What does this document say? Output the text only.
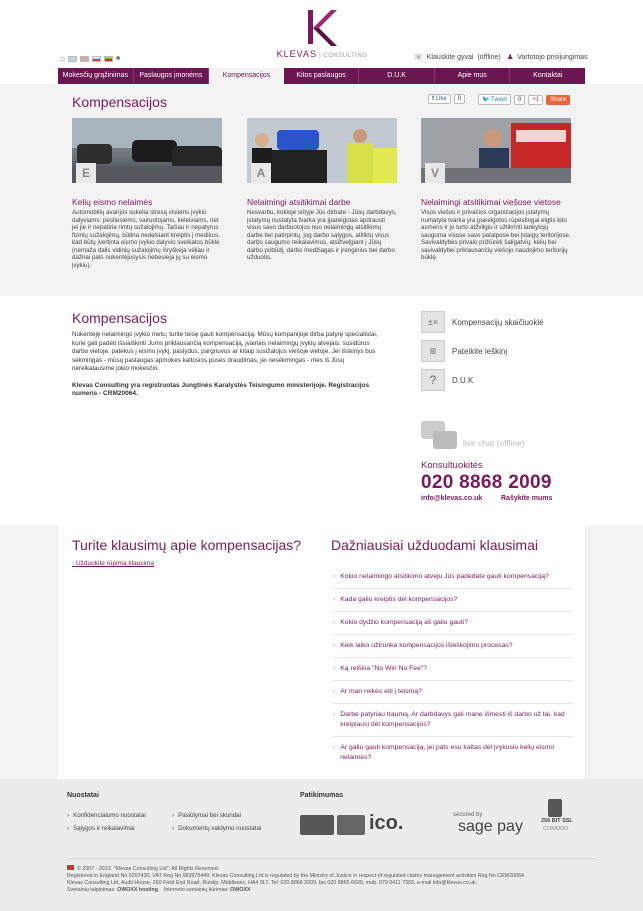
KLEVAS | CONSULTING
⌂	♣	☏ Klauskite gyvai (offline) ♟ Vartotojo prisijungimas
Mokesčių grąžinimas	Paslaugos įmonėms	Kompensacijos	Kitos paslaugos	D.U.K	Apie mus	Kontaktai
Kompensacijos	f Like	0	🐦 Tweet	0	+1	Share
E
Kelių eismo nelaimės

Automobilių avarijos sukelia stresą visiems įvykio dalyviams: pėstiesiems, vairuotojams, keleiviams, net jei jie ir nepatiria rimtų sužalojimų. Tačiau ir nepatyrus fizinių sužalojimų, būtina nedelsiant kreiptis į medikus, kad būtų įvertinta eismo įvykio dalyvio sveikatos būklė (nemaža dalis vidinių sužalojimų išryškėja vėliau ir dažnai pats nukentėjusysis nebesieja jų su eismo įvykiu).

A
Nelaimingi atsitikimai darbe

Nesvarbu, kokioje srityje Jūs dirbate - Jūsų darbdavys, įstatymų nustatyta tvarka yra įpareigotas apdrausti visus savo darbuotojus nuo nelaimingų atsitikimų darbe bei patirpintų, jog darbo sąlygos, atitiktų visus darbo saugumo reikalavimus, atsižvelgiant į Jūsų darbo pobūdį, darbo medžiagas ir įrenginius bei darbo užduotis.

V
Nelaimingi atsitikimai viešose vietose

Visos viešos ir privačios organizacijos įstatymų numatyta tvarka yra įpareigotos rūpestingai elgtis kito asmens ir jo turto atžvilgiu ir užtikrinti lankytojų sauguma visose savo patalpose bei įstaigų teritorijose. Savivaldybės privalo prižiūrėti šaligatvių, kelių bei savivaldybei priklausančių viešojo naudojimo teritorijų būklę.

Kompensacijos

Nukentėję nelaimingo įvykio metu, turite teisę gauti kompensaciją. Mūsų kompanijoje dirba patyrę specialistai, kurie gali padėti išsiaiškinti Jums priklausančią kompensaciją, įvairiais nelaimingų įvykių atvejais: susidūrus darbo vietoje, patekus į eismo įvykį, paslydus, pargriuvus ar kitaip susižalojus viešoje vietoje. Jei išskinys bus sėkmingas - mūsų paslaugas apmokės kaltosios pusės draudimas, jei nesėkmingas - mes iš Jūsų nereikalausime jokio mokesčio.

Klevas Consulting yra registruotas Jungtinės Karalystės Teisingumo ministerijoje. Registracijos numeris - CRM20064.

±×	Kompensacijų skaičiuoklė
≡	Pateikite ieškinį
?	D.U.K
live chat (offline)
Konsultuokitės
020 8868 2009
info@klevas.co.uk	Rašykite mums
Turite klausimų apie kompensacijas?
› Užduokite rūpimą klausimą
Dažniausiai užduodami klausimai
› Kokio nelaimingo atsitikimo atveju Jūs padedate gauti kompensaciją?
› Kada galiu kreiptis dėl kompensacijos?
› Kokio dydžio kompensaciją aš galiu gauti?
› Kiek laiko užtrunka kompensacijos išieškojimo procesas?
› Ką reiškia "No Win No Fee"?
› Ar man reikės eiti į teismą?
› Darbe patyriau traumą. Ar darbdavys gali mane išmesti iš darbo už tai, kad kreipiausi dėl kompensacijos?
› Ar galiu gauti kompensaciją, jei pats esu kaltas dėl įvykusio kelių eismo nelaimės?
Nuostatai
› Konfidencialumo nuostatai	› Pasiūlymai bei skundai
› Sąlygos ir reikalavimai	› Dokumentų valdymo nuostatai
Patikimumas
ico.	secured by
sage pay	256 BIT SSL
COMODO
© 2007 - 2013. "Klevas Consulting Ltd". All Rights Reserved.
Registered in England No 6207430, VAT Reg No 983975449. Klevas Consulting Ltd is regulated by the Ministry of Justice in respect of regulated claims management activities Reg No CRM20064.
Klevas Consulting Ltd, Audit House, 260 Field End Road, Ruislip, Middlesex, HA4 9LT. Tel: 020 8868 2009, fax 020 8866 6600, mob. 079 0411 7303, e-mail info@klevas.co.uk.
Svetainių talpinimas: OWOXX hosting Interneto svetainių kūrimas: OWOXX
